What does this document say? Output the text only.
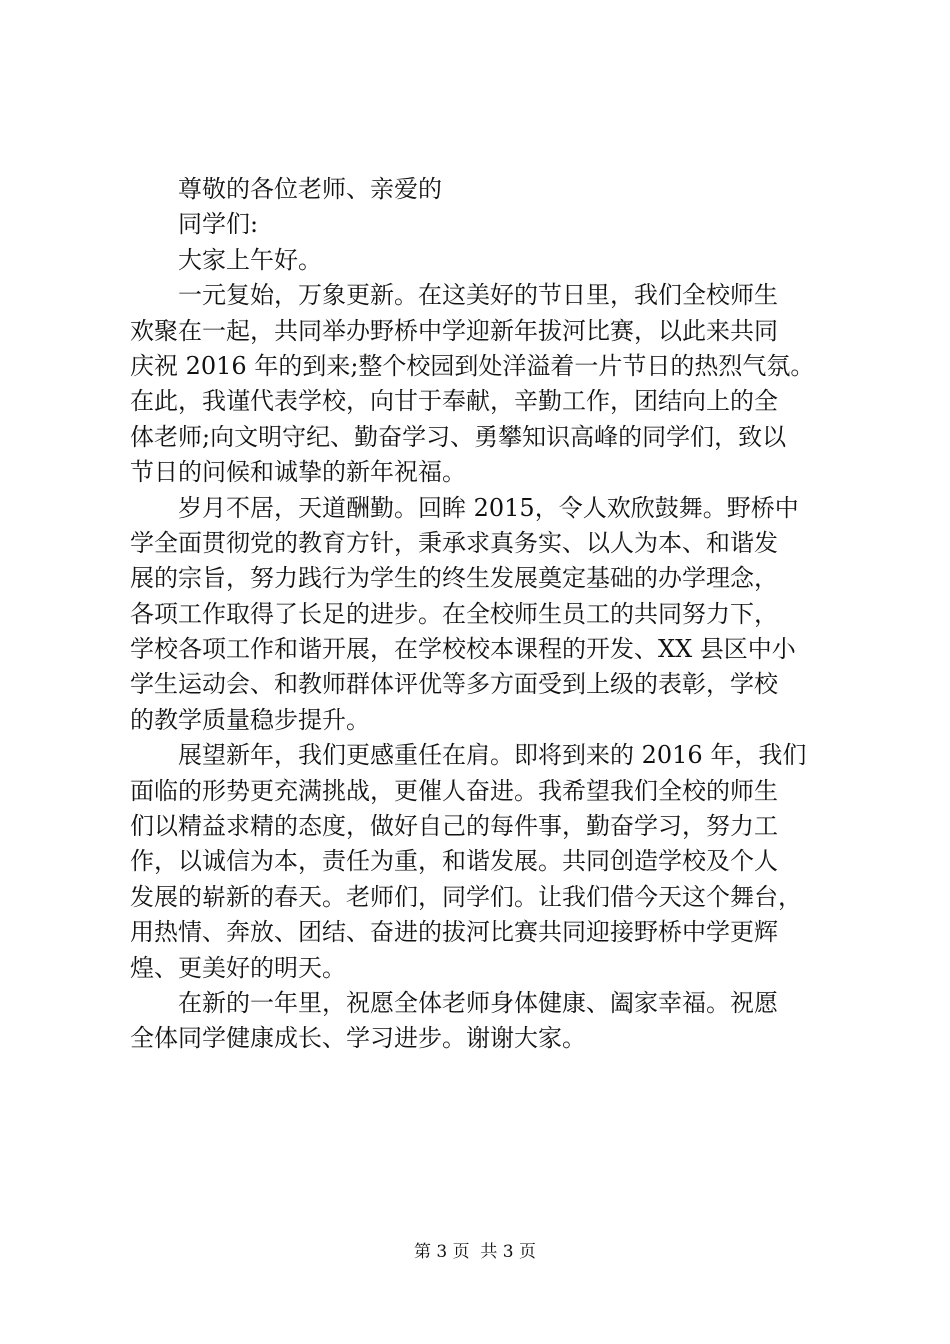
尊敬的各位老师、亲爱的
同学们:
大家上午好。
一元复始，万象更新。在这美好的节日里，我们全校师生
欢聚在一起，共同举办野桥中学迎新年拔河比赛，以此来共同
庆祝 2016 年的到来;整个校园到处洋溢着一片节日的热烈气氛。
在此，我谨代表学校，向甘于奉献，辛勤工作，团结向上的全
体老师;向文明守纪、勤奋学习、勇攀知识高峰的同学们，致以
节日的问候和诚挚的新年祝福。
岁月不居，天道酬勤。回眸 2015，令人欢欣鼓舞。野桥中
学全面贯彻党的教育方针，秉承求真务实、以人为本、和谐发
展的宗旨，努力践行为学生的终生发展奠定基础的办学理念，
各项工作取得了长足的进步。在全校师生员工的共同努力下，
学校各项工作和谐开展，在学校校本课程的开发、XX 县区中小
学生运动会、和教师群体评优等多方面受到上级的表彰，学校
的教学质量稳步提升。
展望新年，我们更感重任在肩。即将到来的 2016 年，我们
面临的形势更充满挑战，更催人奋进。我希望我们全校的师生
们以精益求精的态度，做好自己的每件事，勤奋学习，努力工
作，以诚信为本，责任为重，和谐发展。共同创造学校及个人
发展的崭新的春天。老师们，同学们。让我们借今天这个舞台，
用热情、奔放、团结、奋进的拔河比赛共同迎接野桥中学更辉
煌、更美好的明天。
在新的一年里，祝愿全体老师身体健康、阖家幸福。祝愿
全体同学健康成长、学习进步。谢谢大家。
第 3 页  共 3 页
